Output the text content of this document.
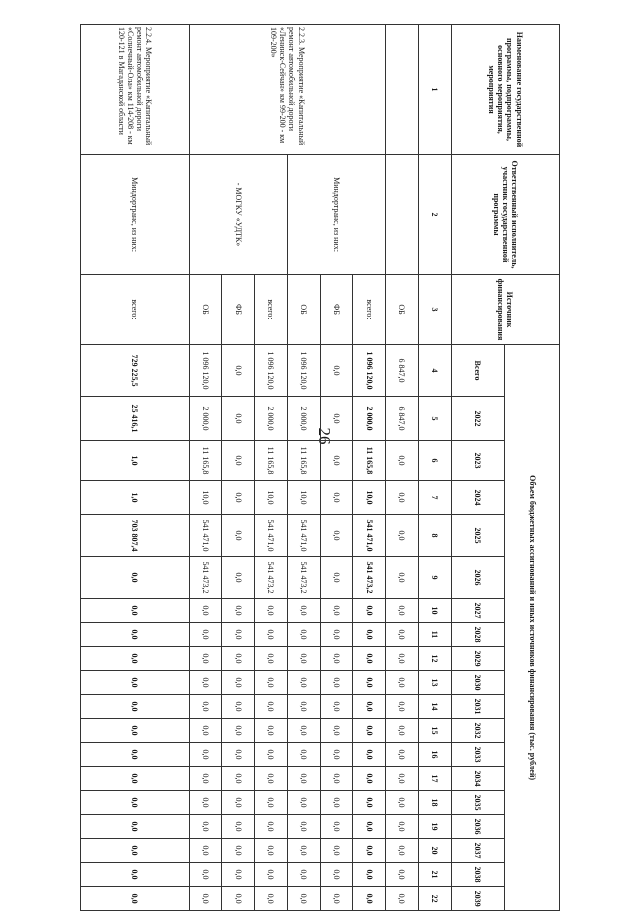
26
Наименование государственной программы, подпрограммы, основного мероприятия, мероприятия	Ответственный исполнитель, участник государственной программы	Источник финансирования	Объем бюджетных ассигнований и иных источников финансирования (тыс. рублей)																		
			Всего	2022	2023	2024	2025	2026	2027	2028	2029	2030	2031	2032	2033	2034	2035	2036	2037	2038	2039
1	2	3	4	5	6	7	8	9	10	11	12	13	14	15	16	17	18	19	20	21	22
		ОБ	6 847,0	6 847,0	0,0	0,0	0,0	0,0	0,0	0,0	0,0	0,0	0,0	0,0	0,0	0,0	0,0	0,0	0,0	0,0	0,0
2.2.3. Мероприятие «Капитальный ремонт автомобильной дороги «Ленинск-Сейчан» км 99-200 - км 109-200»	Миндортранс, из них:	всего:	1 096 120,0	2 000,0	11 165,8	10,0	541 471,0	541 473,2	0,0	0,0	0,0	0,0	0,0	0,0	0,0	0,0	0,0	0,0	0,0	0,0	0,0
		ФБ	0,0	0,0	0,0	0,0	0,0	0,0	0,0	0,0	0,0	0,0	0,0	0,0	0,0	0,0	0,0	0,0	0,0	0,0	0,0
		ОБ	1 096 120,0	2 000,0	11 165,8	10,0	541 471,0	541 473,2	0,0	0,0	0,0	0,0	0,0	0,0	0,0	0,0	0,0	0,0	0,0	0,0	0,0
	- МОГКУ «УДТК»	всего:	1 096 120,0	2 000,0	11 165,8	10,0	541 471,0	541 473,2	0,0	0,0	0,0	0,0	0,0	0,0	0,0	0,0	0,0	0,0	0,0	0,0	0,0
		ФБ	0,0	0,0	0,0	0,0	0,0	0,0	0,0	0,0	0,0	0,0	0,0	0,0	0,0	0,0	0,0	0,0	0,0	0,0	0,0
		ОБ	1 096 120,0	2 000,0	11 165,8	10,0	541 471,0	541 473,2	0,0	0,0	0,0	0,0	0,0	0,0	0,0	0,0	0,0	0,0	0,0	0,0	0,0
2.2.4. Мероприятие «Капитальный ремонт автомобильной дороги «Солнечный-Ола» км 114-208 - км 120-121 в Магаданской области	Миндортранс, из них:	всего:	729 225,5	25 416,1	1,0	1,0	703 807,4	0,0	0,0	0,0	0,0	0,0	0,0	0,0	0,0	0,0	0,0	0,0	0,0	0,0	0,0
